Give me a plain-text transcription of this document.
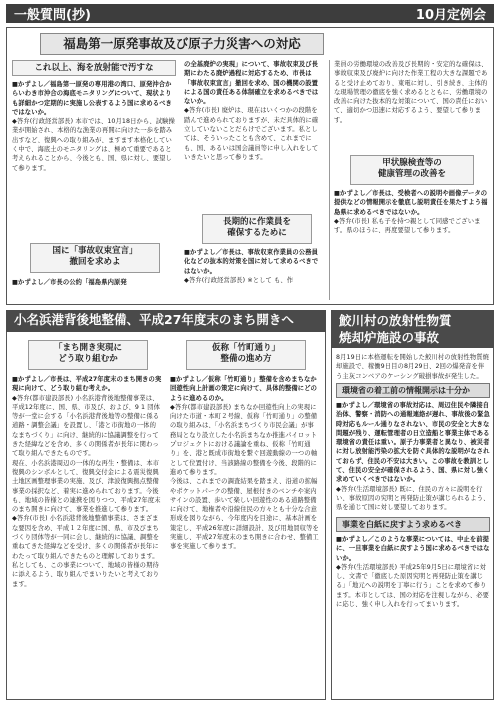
一般質問(抄)	10月定例会
福島第一原発事故及び原子力災害への対応
これ以上、海を放射能で汚すな

■かずよし／福島第一原発の専用港の湾口、原発沖合からいわき市沖合の海底モニタリングについて、現状よりも詳細かつ定期的に実施し公表するよう国に求めるべきではないか。

◆答弁(行政経営部長) 本市では、10月18日から、試験操業が開始され、本格的な漁業の再開に向けた一歩を踏み出すなど、復興への取り組みが、ますます本格化していく中で、海底土のモニタリングは、極めて重要であると考えられることから、今後とも、国、県に対し、要望して参ります。

国に「事故収束宣言」
撤回を求めよ
■かずよし／市長の公約「福島県内原発

の全基廃炉の実現」について、事故収束及び長期にわたる廃炉過程に対応するため、市長は「事故収束宣言」撤回を求め、国の機関の設置による国の責任ある体制確立を求めるべきではないか。

◆答弁(市長) 廃炉は、現在はいくつかの段階を踏んで進められておりますが、未だ具体的に確立していないことだらけでございます。私としては、そういったことも含めて、これまでにも、国、あるいは国会議員等に申し入れをしていきたいと思って参ります。

長期的に作業員を
確保するために

■かずよし／市長は、事故収束作業員の公務員化などの抜本的対策を国に対して求めるべきではないか。

◆答弁(行政経営部長) ※として も、作

業員の労働環境の改善及び長期的・安定的な確保は、事故収束及び廃炉に向けた作業工程の大きな課題であると受け止めており、東電に対し、引き続き、主体的な現場管理の徹底を強く求めるとともに、労働環境の改善に向けた抜本的な対策について、国の責任において、適切かつ迅速に対応するよう、要望して参ります。

甲状腺検査等の
健康管理の改善を

■かずよし／市長は、受検者への説明や画像データの提供などの情報開示を徹底し説明責任を果たすよう福島県に求めるべきではないか。

◆答弁(市長) 私も子を持つ親として同感でございます。県のほうに、再度要望して参ります。

小名浜港背後地整備、平成27年度末のまち開きへ
「まち開き実現に
どう取り組むか

■かずよし／市長は、平成27年度末のまち開きの実現に向けて、どう取り組む考えか。

◆答弁(都市建設部長) 小名浜港背後地整備事業は、平成12年度に、国、県、市及び、および、9 1 団体等が一堂に会する「小名浜港背後地等の整備に係る道路・調整会議」を設置し、「港と市街地の一体的なまちづくり」に向け、継続的に協議調整を行ってきた経緯などを含め、多くの関係者が長年に関わって取り組んできたものです。
現在、小名浜港周辺の一体的な再生・整備は、本市復興のシンボルとして、復興交付金による震災復興土地区画整理事業の実施、及び、津波復興拠点整備事業の採択など、着実に進められております。今後も、地域の皆様との連携を図りつつ、平成27年度末のまち開きに向けて、事業を推進して参ります。

◆答弁(市長) 小名浜港背後地整備事業は、さまざまな要因を含め、平成１２年度に国、県、市及びまちづくり団体等が一同に会し、継続的に協議、調整を重ねてきた経緯などを受け、多くの関係者が長年にわたって取り組んできたものと理解しております。私としても、この事業について、地域の皆様の期待に添えるよう、取り組んでまいりたいと考えております。

仮称「竹町通り」
整備の進め方

■かずよし／仮称「竹町通り」整備を含めまちなか回遊性向上計画の策定に向けて、具体的整備にどのように進めるのか。

◆答弁(都市建設部長) まちなか回遊性向上の実現に向けた市道・本町２号線、仮称「竹町通り」の整備の取り組みは、「小名浜まちづくり市民会議」が事務局となり設立した小名浜まちなか推進パイロットプロジェクトにおける議論を重ね、仮称「竹町通り」を、港と既成市街地を繋ぐ回遊動線の一つの軸として位置付け、当該路線の整備を今後、段階的に進めて参ります。
今後は、これまでの調査結果を踏まえ、沿道の拡幅やポケットパークの整備、屋根付きのベンチや案内サインの設置、歩いて楽しい回遊性のある道路整備に向けて、地権者や沿線住民の方々とも十分な合意形成を図りながら、今年度内を目途に、基本計画を策定し、平成26年度に詳細設計、及び用地買収等を実施し、平成27年度末のまち開きに合わせ、整備工事を実施して参ります。

鮫川村の放射性物質
焼却炉施設の事故
8月19日に本格運転を開始した鮫川村の放射性物質焼却施設で、稼働9日目の8月29日、2回の爆発音を伴う主灰コンベアのケーシング破損事故が発生した。
環境省の着工前の情報開示は十分か

■かずよし／環境省の事故対応は、周辺住民や隣接自治体、警察・消防への通報連絡が遅れ、事故後の緊急時対応もルール通りなされない、市民の安全と大きな問題が残り、運転管理者の日立造船と事業主体である環境省の責任は重い。原子力事業者と異なり、被災者に対し放射能汚染の拡大を防ぐ具体的な説明がなされておらず、住民の不安は大きい。この事故を教訓として、住民の安全が確保されるよう、国、県に対し強く求めていくべきではないか。

◆答弁(生活環境部長) 既に、住民の方々に説明を行い、事故原因の究明と再発防止策が講じられるよう、県を通じて国に対し要望しております。

事業を白紙に戻すよう求めるべき

■かずよし／このような事業については、中止を前提に、一旦事業を白紙に戻すよう国に求めるべきではないか。

◆答弁(生活環境部長) 平成25年9月5日に環境省に対し、文書で「徹底した原因究明と再発防止策を講じる」「地元への説明を丁寧に行う」ことを求めて参ります。本市としては、国の対応を注視しながら、必要に応じ、強く申し入れを行ってまいります。
